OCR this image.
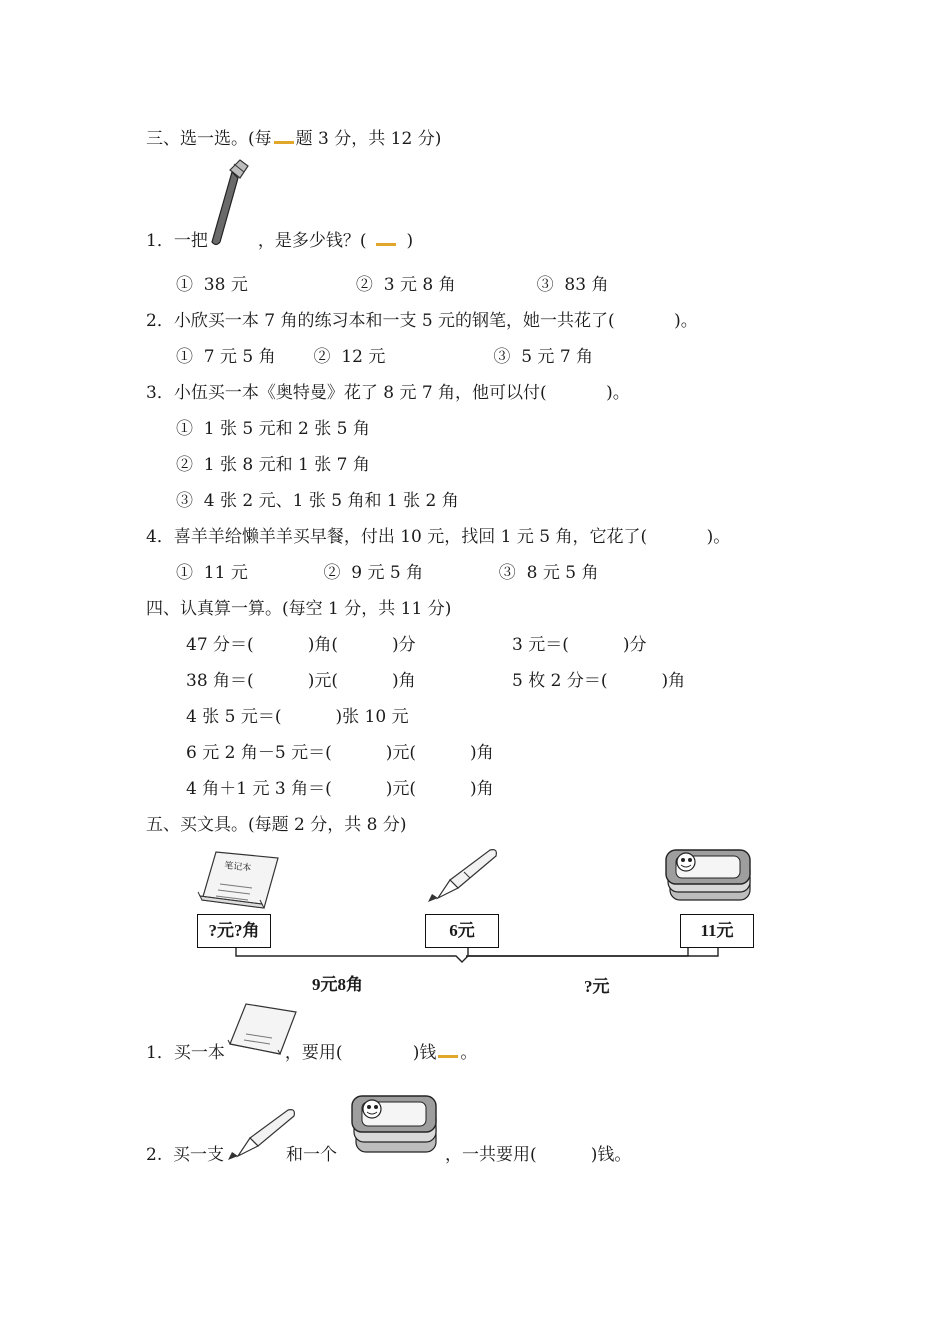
三、选一选。(每 题 3 分，共 12 分)
1．一把	，是多少钱？( )
①  38 元                    ②  3 元 8 角               ③  83 角
2．小欣买一本 7 角的练习本和一支 5 元的钢笔，她一共花了(           )。
①  7 元 5 角       ②  12 元                    ③  5 元 7 角
3．小伍买一本《奥特曼》花了 8 元 7 角，他可以付(           )。
①  1 张 5 元和 2 张 5 角
②  1 张 8 元和 1 张 7 角
③  4 张 2 元、1 张 5 角和 1 张 2 角
4．喜羊羊给懒羊羊买早餐，付出 10 元，找回 1 元 5 角，它花了(           )。
①  11 元              ②  9 元 5 角              ③  8 元 5 角
四、认真算一算。(每空 1 分，共 11 分)
47 分＝(          )角(          )分	3 元＝(          )分
38 角＝(          )元(          )角	5 枚 2 分＝(          )角
4 张 5 元＝(          )张 10 元
6 元 2 角－5 元＝(          )元(          )角
4 角＋1 元 3 角＝(          )元(          )角
五、买文具。(每题 2 分，共 8 分)
笔记本
?元?角	6元	11元
9元8角	?元
1．买一本	，要用(             )钱 。
2.  买一支	和一个	，一共要用(          )钱。
